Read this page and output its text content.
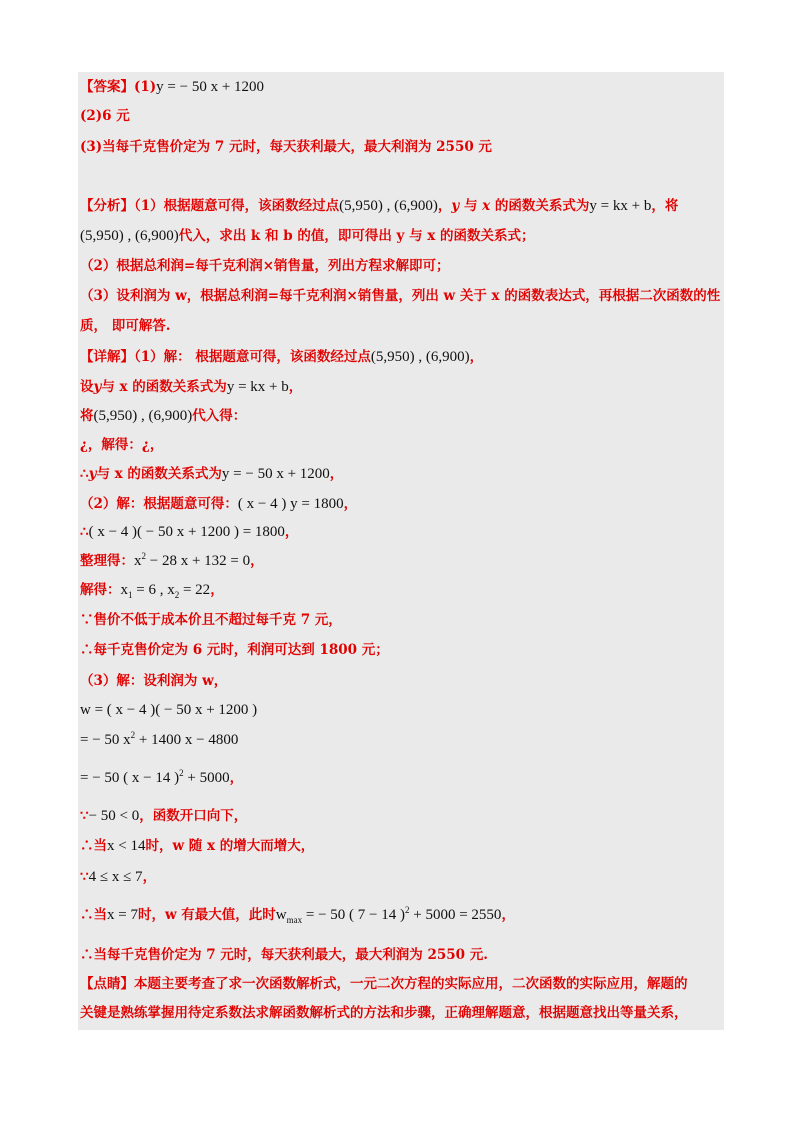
【答案】(1)y = − 50 x + 1200
(2)6 元
(3)当每千克售价定为 7 元时，每天获利最大，最大利润为 2550 元
【分析】（1）根据题意可得，该函数经过点(5,950) , (6,900)，y 与 x 的函数关系式为y = kx + b，将
(5,950) , (6,900)代入，求出 k 和 b 的值，即可得出 y 与 x 的函数关系式；
（2）根据总利润=每千克利润×销售量，列出方程求解即可；
（3）设利润为 w，根据总利润=每千克利润×销售量，列出 w 关于 x 的函数表达式，再根据二次函数的性
质， 即可解答.
【详解】（1）解： 根据题意可得，该函数经过点(5,950) , (6,900)，
设y与 x 的函数关系式为y = kx + b，
将(5,950) , (6,900)代入得：
¿，解得：¿，
∴y与 x 的函数关系式为y = − 50 x + 1200，
（2）解：根据题意可得：( x − 4 ) y = 1800，
∴( x − 4 )( − 50 x + 1200 ) = 1800，
整理得：$x^2 - 28$ x + 132 = 0，
解得：$x_1 = 6$ , $x_2 = 22$，
∵售价不低于成本价且不超过每千克 7 元，
∴每千克售价定为 6 元时，利润可达到 1800 元；
（3）解：设利润为 w，
w = ( x − 4 )( − 50 x + 1200 )
= − 50 $x^2 + 1400$ x − 4800
= − 50 ( x − 14 )$^2$ + 5000，
∵− 50 < 0，函数开口向下，
∴当x < 14时，w 随 x 的增大而增大，
∵4 ≤ x ≤ 7，
∴当x = 7时，w 有最大值，此时$w_{max}$ = − 50 ( 7 − 14 )$^2$ + 5000 = 2550，
∴当每千克售价定为 7 元时，每天获利最大，最大利润为 2550 元.
【点睛】本题主要考查了求一次函数解析式，一元二次方程的实际应用，二次函数的实际应用，解题的
关键是熟练掌握用待定系数法求解函数解析式的方法和步骤，正确理解题意，根据题意找出等量关系，
